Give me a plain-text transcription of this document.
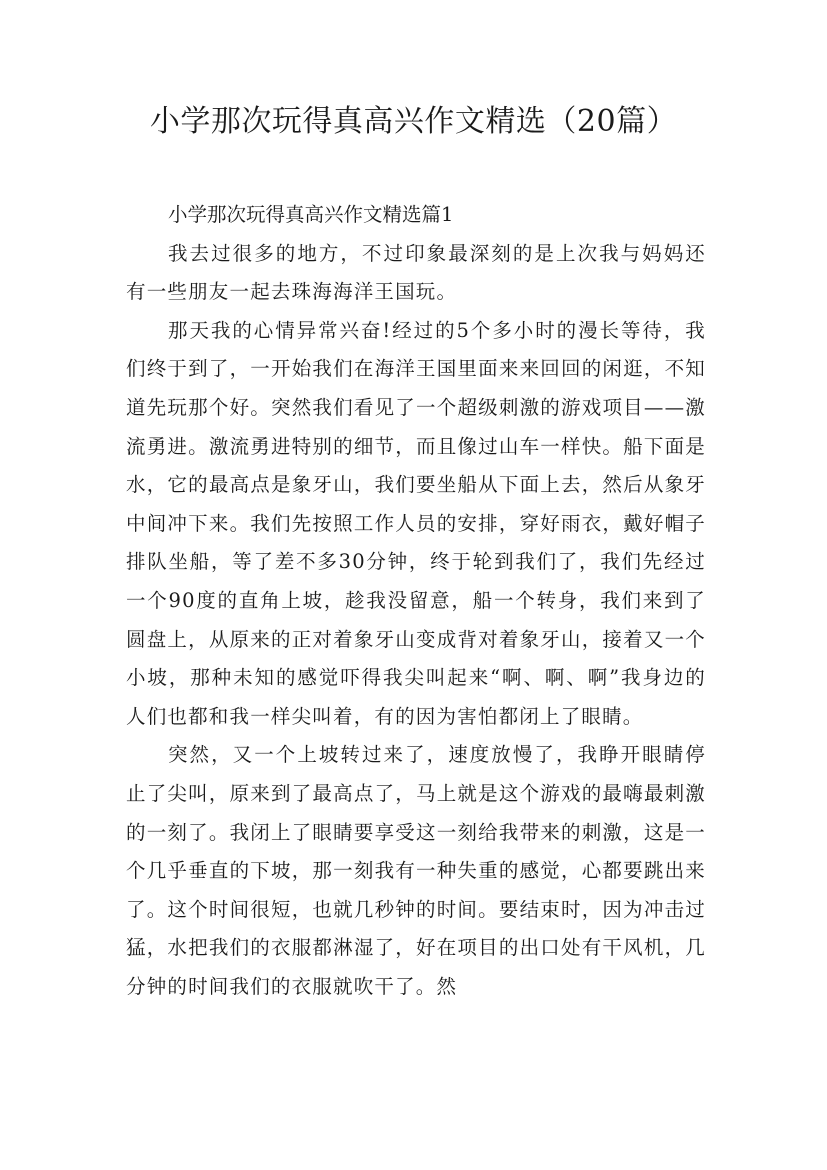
小学那次玩得真高兴作文精选（20篇）

小学那次玩得真高兴作文精选篇1

我去过很多的地方，不过印象最深刻的是上次我与妈妈还有一些朋友一起去珠海海洋王国玩。

那天我的心情异常兴奋!经过的5个多小时的漫长等待，我们终于到了，一开始我们在海洋王国里面来来回回的闲逛，不知道先玩那个好。突然我们看见了一个超级刺激的游戏项目——激流勇进。激流勇进特别的细节，而且像过山车一样快。船下面是水，它的最高点是象牙山，我们要坐船从下面上去，然后从象牙中间冲下来。我们先按照工作人员的安排，穿好雨衣，戴好帽子排队坐船，等了差不多30分钟，终于轮到我们了，我们先经过一个90度的直角上坡，趁我没留意，船一个转身，我们来到了圆盘上，从原来的正对着象牙山变成背对着象牙山，接着又一个小坡，那种未知的感觉吓得我尖叫起来“啊、啊、啊”我身边的人们也都和我一样尖叫着，有的因为害怕都闭上了眼睛。

突然，又一个上坡转过来了，速度放慢了，我睁开眼睛停止了尖叫，原来到了最高点了，马上就是这个游戏的最嗨最刺激的一刻了。我闭上了眼睛要享受这一刻给我带来的刺激，这是一个几乎垂直的下坡，那一刻我有一种失重的感觉，心都要跳出来了。这个时间很短，也就几秒钟的时间。要结束时，因为冲击过猛，水把我们的衣服都淋湿了，好在项目的出口处有干风机，几分钟的时间我们的衣服就吹干了。然
